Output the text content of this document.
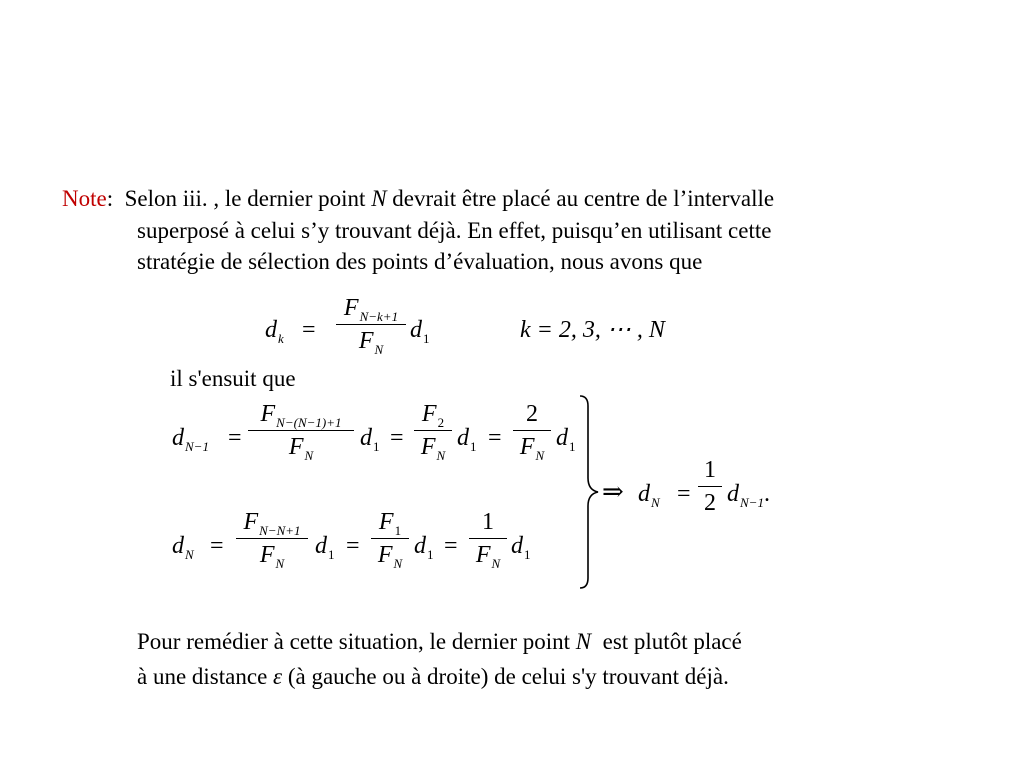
Note: Selon iii. , le dernier point N devrait être placé au centre de l’intervalle
superposé à celui s’y trouvant déjà. En effet, puisqu’en utilisant cette
stratégie de sélection des points d’évaluation, nous avons que
$d_k$ =
$F_{N-k+1}$
$F_N$
$d_1$	k = 2, 3, ⋯ , N
il s'ensuit que
$d_{N-1}$ =
$F_{N-(N-1)+1}$
$F_N$
$d_1$ =
$F_2$
$F_N$
$d_1$ =
2
$F_N$
$d_1$
$d_N$ =
$F_{N-N+1}$
$F_N$
$d_1$ =
$F_1$
$F_N$
$d_1$ =
1
$F_N$
$d_1$
⇒ $d_N$ =
1
2 $d_{N-1}$.
Pour remédier à cette situation, le dernier point N  est plutôt placé
à une distance ε (à gauche ou à droite) de celui s'y trouvant déjà.
